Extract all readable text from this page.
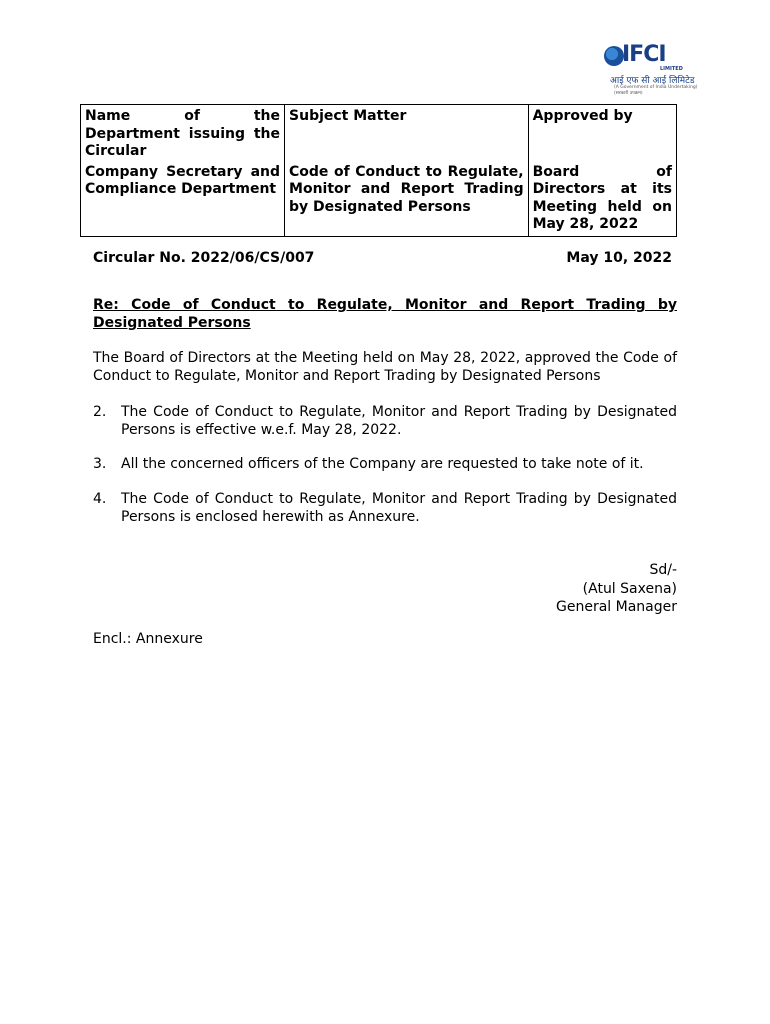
IFCI
LIMITED
आई एफ सी आई लिमिटेड
(A Government of India Undertaking)
(सरकारी उपक्रम)
Name of the Department issuing the Circular	Subject Matter	Approved by
Company Secretary and Compliance Department	Code of Conduct to Regulate, Monitor and Report Trading by Designated Persons	Board of Directors at its Meeting held on May 28, 2022
Circular No. 2022/06/CS/007	May 10, 2022
Re: Code of Conduct to Regulate, Monitor and Report Trading by
Designated Persons
The Board of Directors at the Meeting held on May 28, 2022, approved the Code of Conduct to Regulate, Monitor and Report Trading by Designated Persons
2. The Code of Conduct to Regulate, Monitor and Report Trading by Designated Persons is effective w.e.f. May 28, 2022.
3. All the concerned officers of the Company are requested to take note of it.
4. The Code of Conduct to Regulate, Monitor and Report Trading by Designated Persons is enclosed herewith as Annexure.
Sd/-
(Atul Saxena)
General Manager
Encl.: Annexure
